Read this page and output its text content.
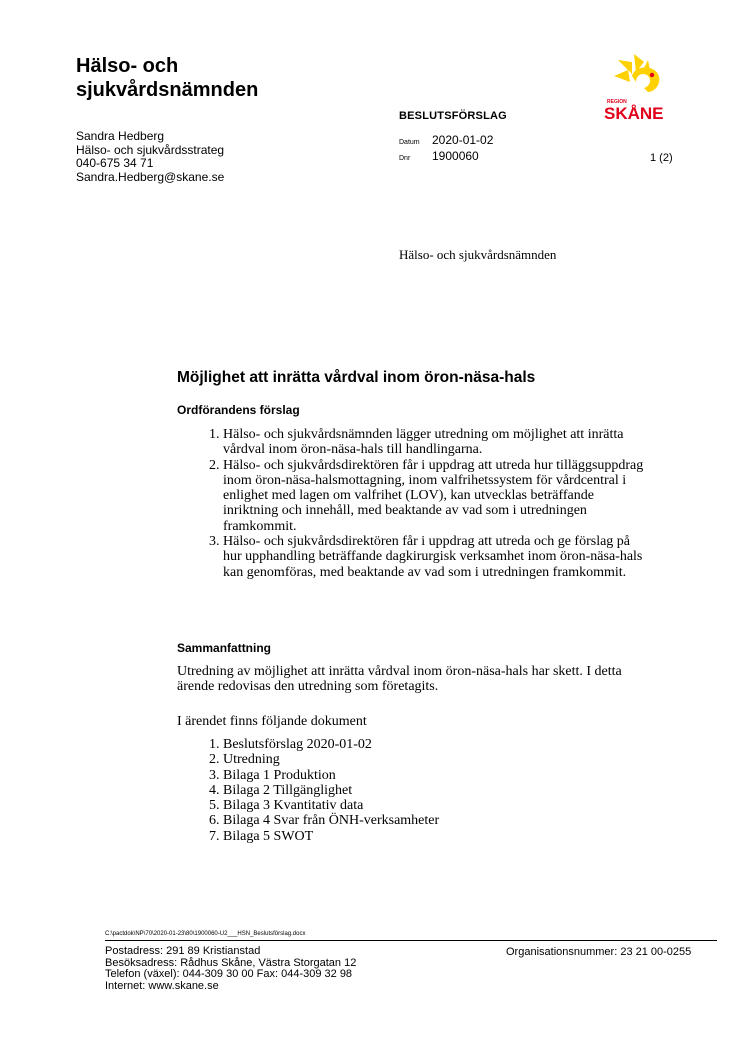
Hälso- och
sjukvårdsnämnden
Sandra Hedberg
Hälso- och sjukvårdsstrateg
040-675 34 71
Sandra.Hedberg@skane.se
BESLUTSFÖRSLAG
Datum	2020-01-02
Dnr	1900060	1 (2)
REGION
SKÅNE
Hälso- och sjukvårdsnämnden
Möjlighet att inrätta vårdval inom öron-näsa-hals
Ordförandens förslag
1. Hälso- och sjukvårdsnämnden lägger utredning om möjlighet att inrätta vårdval inom öron-näsa-hals till handlingarna.
2. Hälso- och sjukvårdsdirektören får i uppdrag att utreda hur tilläggsuppdrag inom öron-näsa-halsmottagning, inom valfrihetssystem för vårdcentral i enlighet med lagen om valfrihet (LOV), kan utvecklas beträffande inriktning och innehåll, med beaktande av vad som i utredningen framkommit.
3. Hälso- och sjukvårdsdirektören får i uppdrag att utreda och ge förslag på hur upphandling beträffande dagkirurgisk verksamhet inom öron-näsa-hals kan genomföras, med beaktande av vad som i utredningen framkommit.
Sammanfattning

Utredning av möjlighet att inrätta vårdval inom öron-näsa-hals har skett. I detta ärende redovisas den utredning som företagits.

I ärendet finns följande dokument

1. Beslutsförslag 2020-01-02
2. Utredning
3. Bilaga 1 Produktion
4. Bilaga 2 Tillgänglighet
5. Bilaga 3 Kvantitativ data
6. Bilaga 4 Svar från ÖNH-verksamheter
7. Bilaga 5 SWOT
C:\pactdok\NP\70\2020-01-23\80\1900060-U2___HSN_Beslutsförslag.docx
Postadress: 291 89 Kristianstad
Besöksadress: Rådhus Skåne, Västra Storgatan 12
Telefon (växel): 044-309 30 00 Fax: 044-309 32 98
Internet: www.skane.se
Organisationsnummer: 23 21 00-0255
